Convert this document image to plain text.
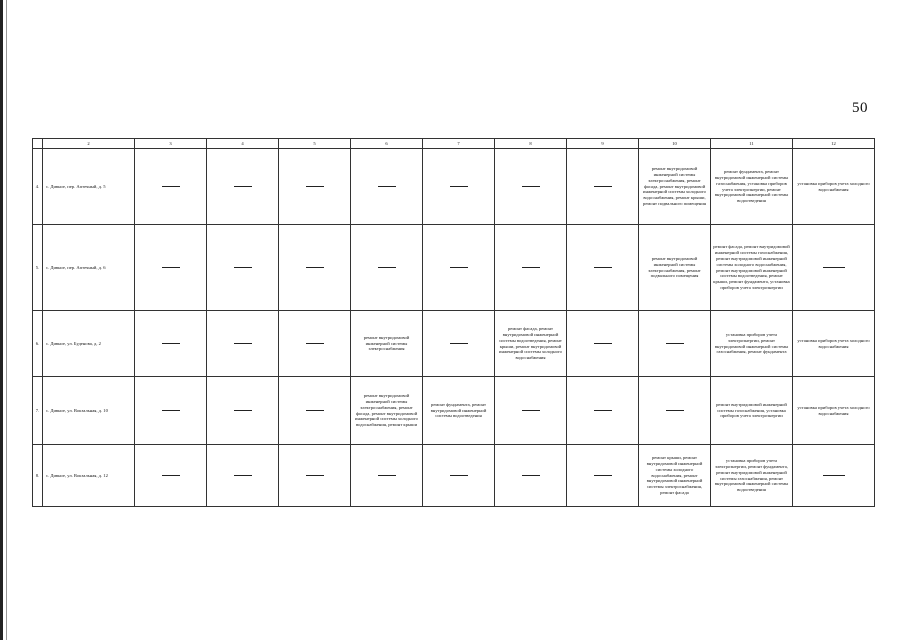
50
	2	3	4	5	6	7	8	9	10	11	12
4.	с. Дивное, пер. Аптечный, д. 5								ремонт внутридомовой инженерной системы электроснабжения, ремонт фасада, ремонт внутридомовой инженерной системы холодного водоснабжения, ремонт крыши, ремонт подвального помещения	ремонт фундамента, ремонт внутридомовой инженерной системы газоснабжения, установка приборов учета электроэнергии, ремонт внутридомовой инженерной системы водоотведения	установка приборов учета холодного водоснабжения
5.	с. Дивное, пер. Аптечный, д. 6								ремонт внутридомовой инженерной системы электроснабжения, ремонт подвального помещения	ремонт фасада, ремонт внутридомовой инженерной системы газоснабжения, ремонт внутридомовой инженерной системы холодного водоснабжения, ремонт внутридомовой инженерной системы водоотведения, ремонт крыши, ремонт фундамента, установка приборов учета электроэнергии	
6.	с. Дивное, ул. Буденова, д. 2				ремонт внутридомовой инженерной системы электроснабжения		ремонт фасада, ремонт внутридомовой инженерной системы водоотведения, ремонт крыши, ремонт внутридомовой инженерной системы холодного водоснабжения			установка приборов учета электроэнергии, ремонт внутридомовой инженерной системы газоснабжения, ремонт фундамента	установка приборов учета холодного водоснабжения
7.	с. Дивное, ул. Вокзальная, д. 10				ремонт внутридомовой инженерной системы электроснабжения, ремонт фасада, ремонт внутридомовой инженерной системы холодного водоснабжения, ремонт крыши	ремонт фундамента, ремонт внутридомовой инженерной системы водоотведения				ремонт внутридомовой инженерной системы газоснабжения, установка приборов учета электроэнергии	установка приборов учета холодного водоснабжения
8.	с. Дивное, ул. Вокзальная, д. 12								ремонт крыши, ремонт внутридомовой инженерной системы холодного водоснабжения, ремонт внутридомовой инженерной системы электроснабжения, ремонт фасада	установка приборов учета электроэнергии, ремонт фундамента, ремонт внутридомовой инженерной системы газоснабжения, ремонт внутридомовой инженерной системы водоотведения	
